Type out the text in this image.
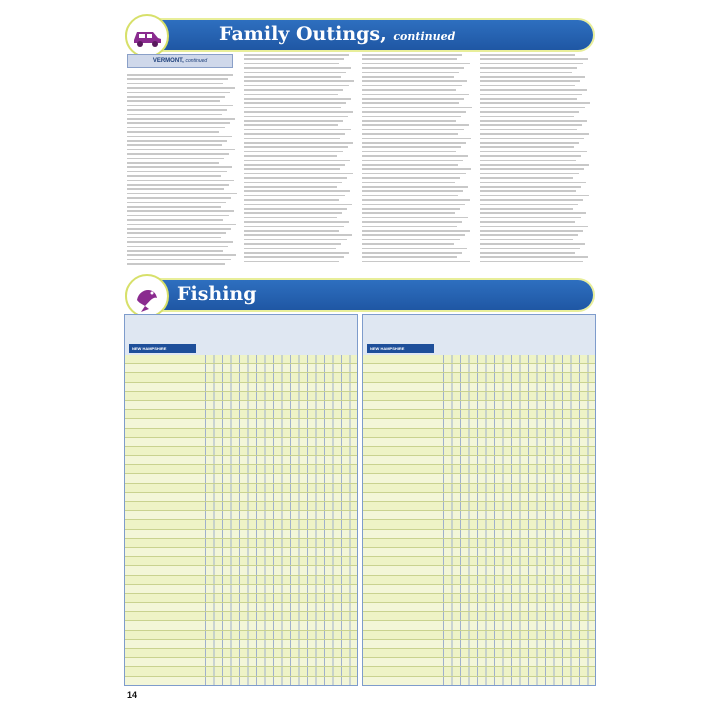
Family Outings, continued
VERMONT, continued

Fishing
NEW HAMPSHIRE	NEW HAMPSHIRE
14
